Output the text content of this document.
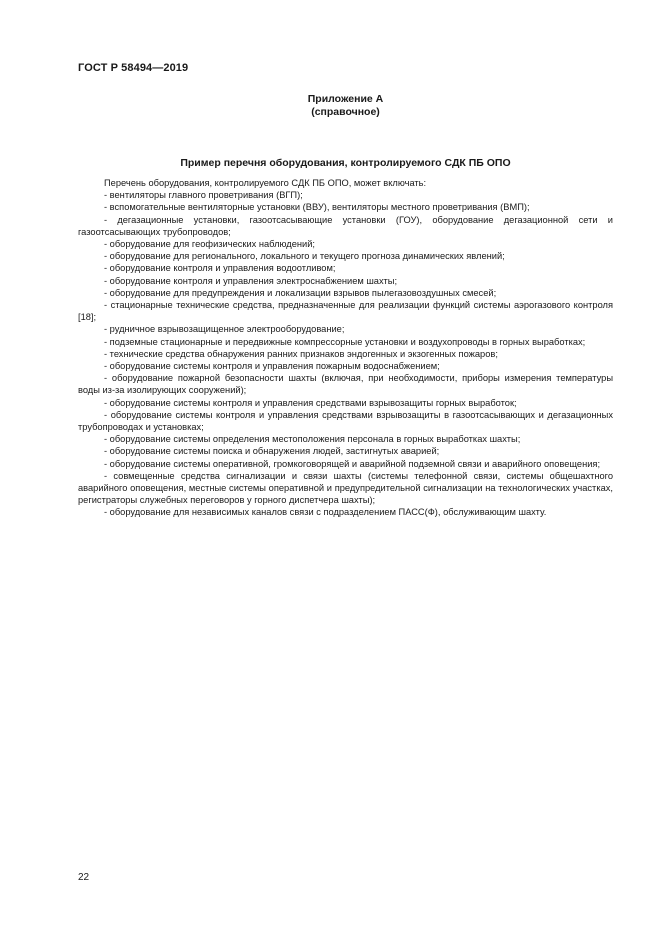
ГОСТ Р 58494—2019
Приложение А
(справочное)
Пример перечня оборудования, контролируемого СДК ПБ ОПО

Перечень оборудования, контролируемого СДК ПБ ОПО, может включать:

- вентиляторы главного проветривания (ВГП);

- вспомогательные вентиляторные установки (ВВУ), вентиляторы местного проветривания (ВМП);

- дегазационные установки, газоотсасывающие установки (ГОУ), оборудование дегазационной сети и газоотсасывающих трубопроводов;

- оборудование для геофизических наблюдений;

- оборудование для регионального, локального и текущего прогноза динамических явлений;

- оборудование контроля и управления водоотливом;

- оборудование контроля и управления электроснабжением шахты;

- оборудование для предупреждения и локализации взрывов пылегазовоздушных смесей;

- стационарные технические средства, предназначенные для реализации функций системы аэрогазового контроля [18];

- рудничное взрывозащищенное электрооборудование;

- подземные стационарные и передвижные компрессорные установки и воздухопроводы в горных выработках;

- технические средства обнаружения ранних признаков эндогенных и экзогенных пожаров;

- оборудование системы контроля и управления пожарным водоснабжением;

- оборудование пожарной безопасности шахты (включая, при необходимости, приборы измерения температуры воды из-за изолирующих сооружений);

- оборудование системы контроля и управления средствами взрывозащиты горных выработок;

- оборудование системы контроля и управления средствами взрывозащиты в газоотсасывающих и дегазационных трубопроводах и установках;

- оборудование системы определения местоположения персонала в горных выработках шахты;

- оборудование системы поиска и обнаружения людей, застигнутых аварией;

- оборудование системы оперативной, громкоговорящей и аварийной подземной связи и аварийного оповещения;

- совмещенные средства сигнализации и связи шахты (системы телефонной связи, системы общешахтного аварийного оповещения, местные системы оперативной и предупредительной сигнализации на технологических участках, регистраторы служебных переговоров у горного диспетчера шахты);

- оборудование для независимых каналов связи с подразделением ПАСС(Ф), обслуживающим шахту.

22
